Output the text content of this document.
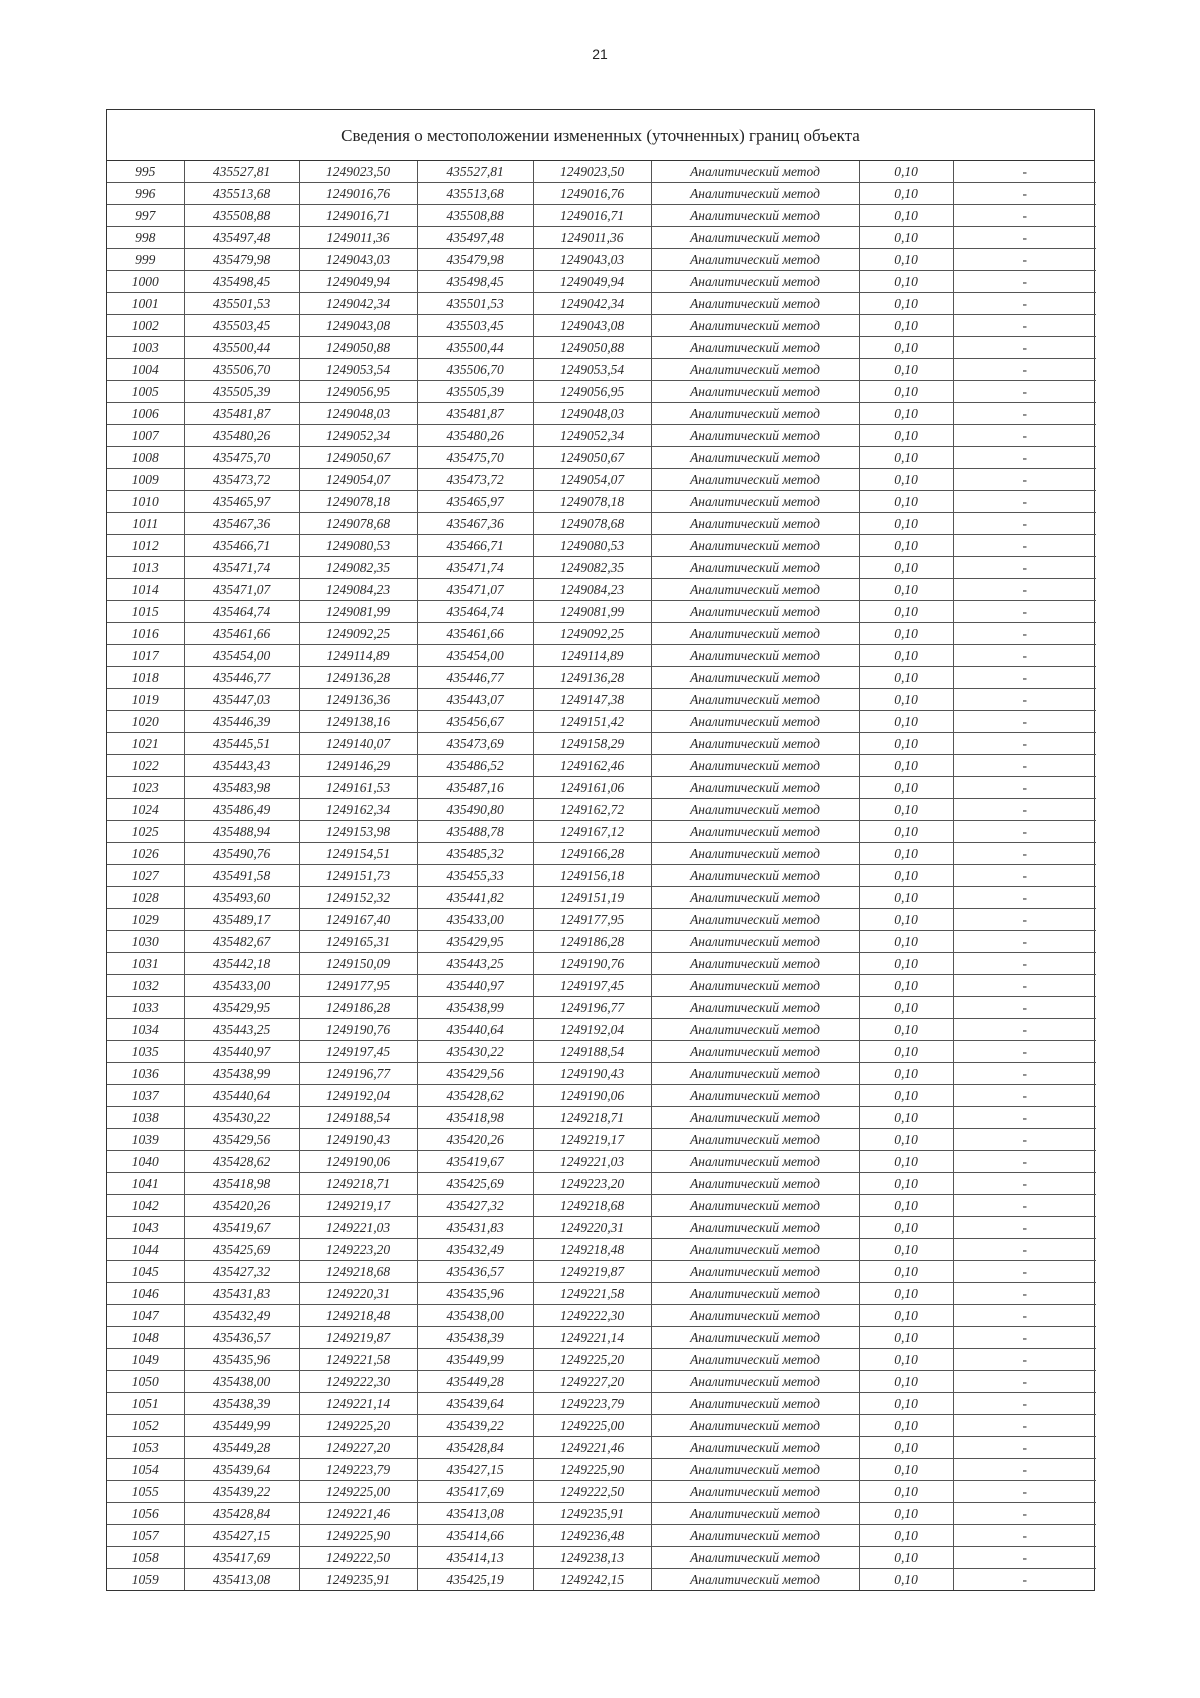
21
Сведения о местоположении измененных (уточненных) границ объекта
995	435527,81	1249023,50	435527,81	1249023,50	Аналитический метод	0,10	-
996	435513,68	1249016,76	435513,68	1249016,76	Аналитический метод	0,10	-
997	435508,88	1249016,71	435508,88	1249016,71	Аналитический метод	0,10	-
998	435497,48	1249011,36	435497,48	1249011,36	Аналитический метод	0,10	-
999	435479,98	1249043,03	435479,98	1249043,03	Аналитический метод	0,10	-
1000	435498,45	1249049,94	435498,45	1249049,94	Аналитический метод	0,10	-
1001	435501,53	1249042,34	435501,53	1249042,34	Аналитический метод	0,10	-
1002	435503,45	1249043,08	435503,45	1249043,08	Аналитический метод	0,10	-
1003	435500,44	1249050,88	435500,44	1249050,88	Аналитический метод	0,10	-
1004	435506,70	1249053,54	435506,70	1249053,54	Аналитический метод	0,10	-
1005	435505,39	1249056,95	435505,39	1249056,95	Аналитический метод	0,10	-
1006	435481,87	1249048,03	435481,87	1249048,03	Аналитический метод	0,10	-
1007	435480,26	1249052,34	435480,26	1249052,34	Аналитический метод	0,10	-
1008	435475,70	1249050,67	435475,70	1249050,67	Аналитический метод	0,10	-
1009	435473,72	1249054,07	435473,72	1249054,07	Аналитический метод	0,10	-
1010	435465,97	1249078,18	435465,97	1249078,18	Аналитический метод	0,10	-
1011	435467,36	1249078,68	435467,36	1249078,68	Аналитический метод	0,10	-
1012	435466,71	1249080,53	435466,71	1249080,53	Аналитический метод	0,10	-
1013	435471,74	1249082,35	435471,74	1249082,35	Аналитический метод	0,10	-
1014	435471,07	1249084,23	435471,07	1249084,23	Аналитический метод	0,10	-
1015	435464,74	1249081,99	435464,74	1249081,99	Аналитический метод	0,10	-
1016	435461,66	1249092,25	435461,66	1249092,25	Аналитический метод	0,10	-
1017	435454,00	1249114,89	435454,00	1249114,89	Аналитический метод	0,10	-
1018	435446,77	1249136,28	435446,77	1249136,28	Аналитический метод	0,10	-
1019	435447,03	1249136,36	435443,07	1249147,38	Аналитический метод	0,10	-
1020	435446,39	1249138,16	435456,67	1249151,42	Аналитический метод	0,10	-
1021	435445,51	1249140,07	435473,69	1249158,29	Аналитический метод	0,10	-
1022	435443,43	1249146,29	435486,52	1249162,46	Аналитический метод	0,10	-
1023	435483,98	1249161,53	435487,16	1249161,06	Аналитический метод	0,10	-
1024	435486,49	1249162,34	435490,80	1249162,72	Аналитический метод	0,10	-
1025	435488,94	1249153,98	435488,78	1249167,12	Аналитический метод	0,10	-
1026	435490,76	1249154,51	435485,32	1249166,28	Аналитический метод	0,10	-
1027	435491,58	1249151,73	435455,33	1249156,18	Аналитический метод	0,10	-
1028	435493,60	1249152,32	435441,82	1249151,19	Аналитический метод	0,10	-
1029	435489,17	1249167,40	435433,00	1249177,95	Аналитический метод	0,10	-
1030	435482,67	1249165,31	435429,95	1249186,28	Аналитический метод	0,10	-
1031	435442,18	1249150,09	435443,25	1249190,76	Аналитический метод	0,10	-
1032	435433,00	1249177,95	435440,97	1249197,45	Аналитический метод	0,10	-
1033	435429,95	1249186,28	435438,99	1249196,77	Аналитический метод	0,10	-
1034	435443,25	1249190,76	435440,64	1249192,04	Аналитический метод	0,10	-
1035	435440,97	1249197,45	435430,22	1249188,54	Аналитический метод	0,10	-
1036	435438,99	1249196,77	435429,56	1249190,43	Аналитический метод	0,10	-
1037	435440,64	1249192,04	435428,62	1249190,06	Аналитический метод	0,10	-
1038	435430,22	1249188,54	435418,98	1249218,71	Аналитический метод	0,10	-
1039	435429,56	1249190,43	435420,26	1249219,17	Аналитический метод	0,10	-
1040	435428,62	1249190,06	435419,67	1249221,03	Аналитический метод	0,10	-
1041	435418,98	1249218,71	435425,69	1249223,20	Аналитический метод	0,10	-
1042	435420,26	1249219,17	435427,32	1249218,68	Аналитический метод	0,10	-
1043	435419,67	1249221,03	435431,83	1249220,31	Аналитический метод	0,10	-
1044	435425,69	1249223,20	435432,49	1249218,48	Аналитический метод	0,10	-
1045	435427,32	1249218,68	435436,57	1249219,87	Аналитический метод	0,10	-
1046	435431,83	1249220,31	435435,96	1249221,58	Аналитический метод	0,10	-
1047	435432,49	1249218,48	435438,00	1249222,30	Аналитический метод	0,10	-
1048	435436,57	1249219,87	435438,39	1249221,14	Аналитический метод	0,10	-
1049	435435,96	1249221,58	435449,99	1249225,20	Аналитический метод	0,10	-
1050	435438,00	1249222,30	435449,28	1249227,20	Аналитический метод	0,10	-
1051	435438,39	1249221,14	435439,64	1249223,79	Аналитический метод	0,10	-
1052	435449,99	1249225,20	435439,22	1249225,00	Аналитический метод	0,10	-
1053	435449,28	1249227,20	435428,84	1249221,46	Аналитический метод	0,10	-
1054	435439,64	1249223,79	435427,15	1249225,90	Аналитический метод	0,10	-
1055	435439,22	1249225,00	435417,69	1249222,50	Аналитический метод	0,10	-
1056	435428,84	1249221,46	435413,08	1249235,91	Аналитический метод	0,10	-
1057	435427,15	1249225,90	435414,66	1249236,48	Аналитический метод	0,10	-
1058	435417,69	1249222,50	435414,13	1249238,13	Аналитический метод	0,10	-
1059	435413,08	1249235,91	435425,19	1249242,15	Аналитический метод	0,10	-
